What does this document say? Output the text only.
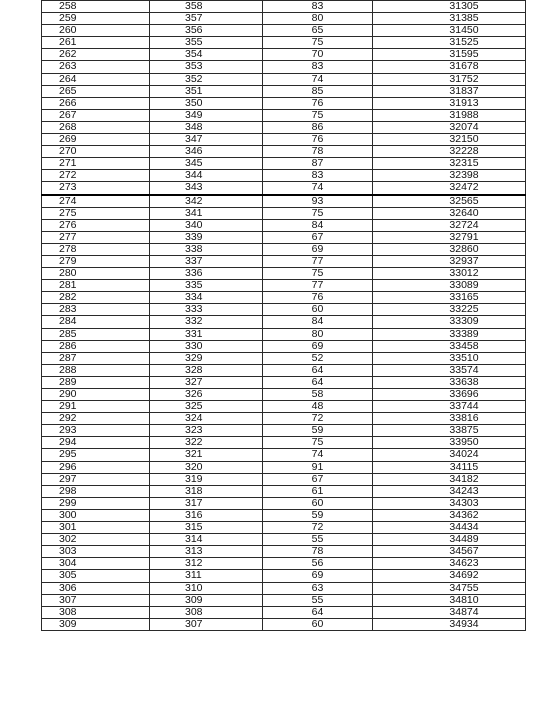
258	358	83	31305
259	357	80	31385
260	356	65	31450
261	355	75	31525
262	354	70	31595
263	353	83	31678
264	352	74	31752
265	351	85	31837
266	350	76	31913
267	349	75	31988
268	348	86	32074
269	347	76	32150
270	346	78	32228
271	345	87	32315
272	344	83	32398
273	343	74	32472
274	342	93	32565
275	341	75	32640
276	340	84	32724
277	339	67	32791
278	338	69	32860
279	337	77	32937
280	336	75	33012
281	335	77	33089
282	334	76	33165
283	333	60	33225
284	332	84	33309
285	331	80	33389
286	330	69	33458
287	329	52	33510
288	328	64	33574
289	327	64	33638
290	326	58	33696
291	325	48	33744
292	324	72	33816
293	323	59	33875
294	322	75	33950
295	321	74	34024
296	320	91	34115
297	319	67	34182
298	318	61	34243
299	317	60	34303
300	316	59	34362
301	315	72	34434
302	314	55	34489
303	313	78	34567
304	312	56	34623
305	311	69	34692
306	310	63	34755
307	309	55	34810
308	308	64	34874
309	307	60	34934
